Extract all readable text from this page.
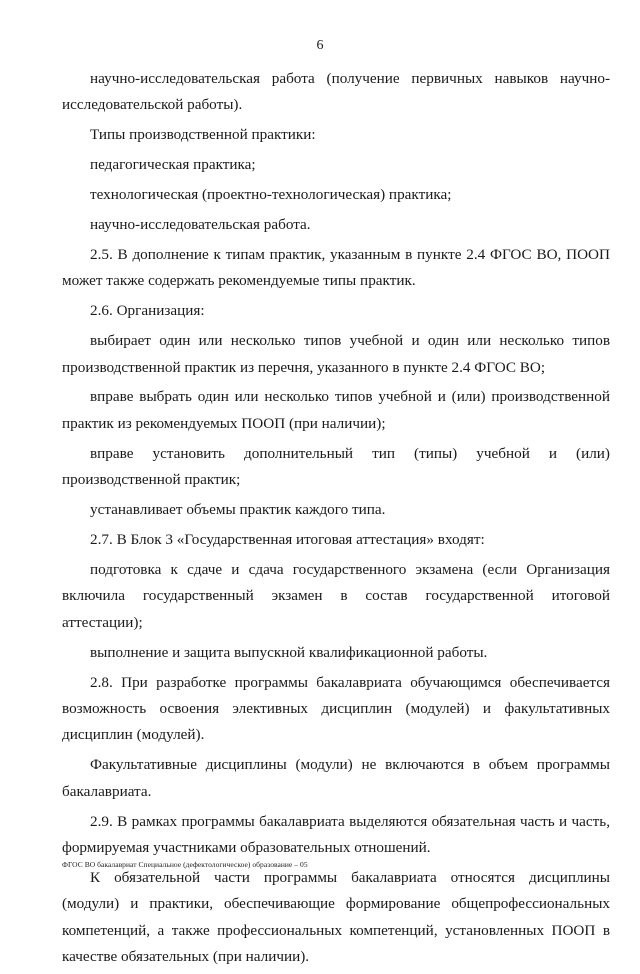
6

научно-исследовательская работа (получение первичных навыков научно-исследовательской работы).

Типы производственной практики:

педагогическая практика;

технологическая (проектно-технологическая) практика;

научно-исследовательская работа.

2.5. В дополнение к типам практик, указанным в пункте 2.4 ФГОС ВО, ПООП может также содержать рекомендуемые типы практик.

2.6. Организация:

выбирает один или несколько типов учебной и один или несколько типов производственной практик из перечня, указанного в пункте 2.4 ФГОС ВО;

вправе выбрать один или несколько типов учебной и (или) производственной практик из рекомендуемых ПООП (при наличии);

вправе установить дополнительный тип (типы) учебной и (или) производственной практик;

устанавливает объемы практик каждого типа.

2.7. В Блок 3 «Государственная итоговая аттестация» входят:

подготовка к сдаче и сдача государственного экзамена (если Организация включила государственный экзамен в состав государственной итоговой аттестации);

выполнение и защита выпускной квалификационной работы.

2.8. При разработке программы бакалавриата обучающимся обеспечивается возможность освоения элективных дисциплин (модулей) и факультативных дисциплин (модулей).

Факультативные дисциплины (модули) не включаются в объем программы бакалавриата.

2.9. В рамках программы бакалавриата выделяются обязательная часть и часть, формируемая участниками образовательных отношений.

К обязательной части программы бакалавриата относятся дисциплины (модули) и практики, обеспечивающие формирование общепрофессиональных компетенций, а также профессиональных компетенций, установленных ПООП в качестве обязательных (при наличии).

ФГОС ВО бакалавриат Специальное (дефектологическое) образование – 05
